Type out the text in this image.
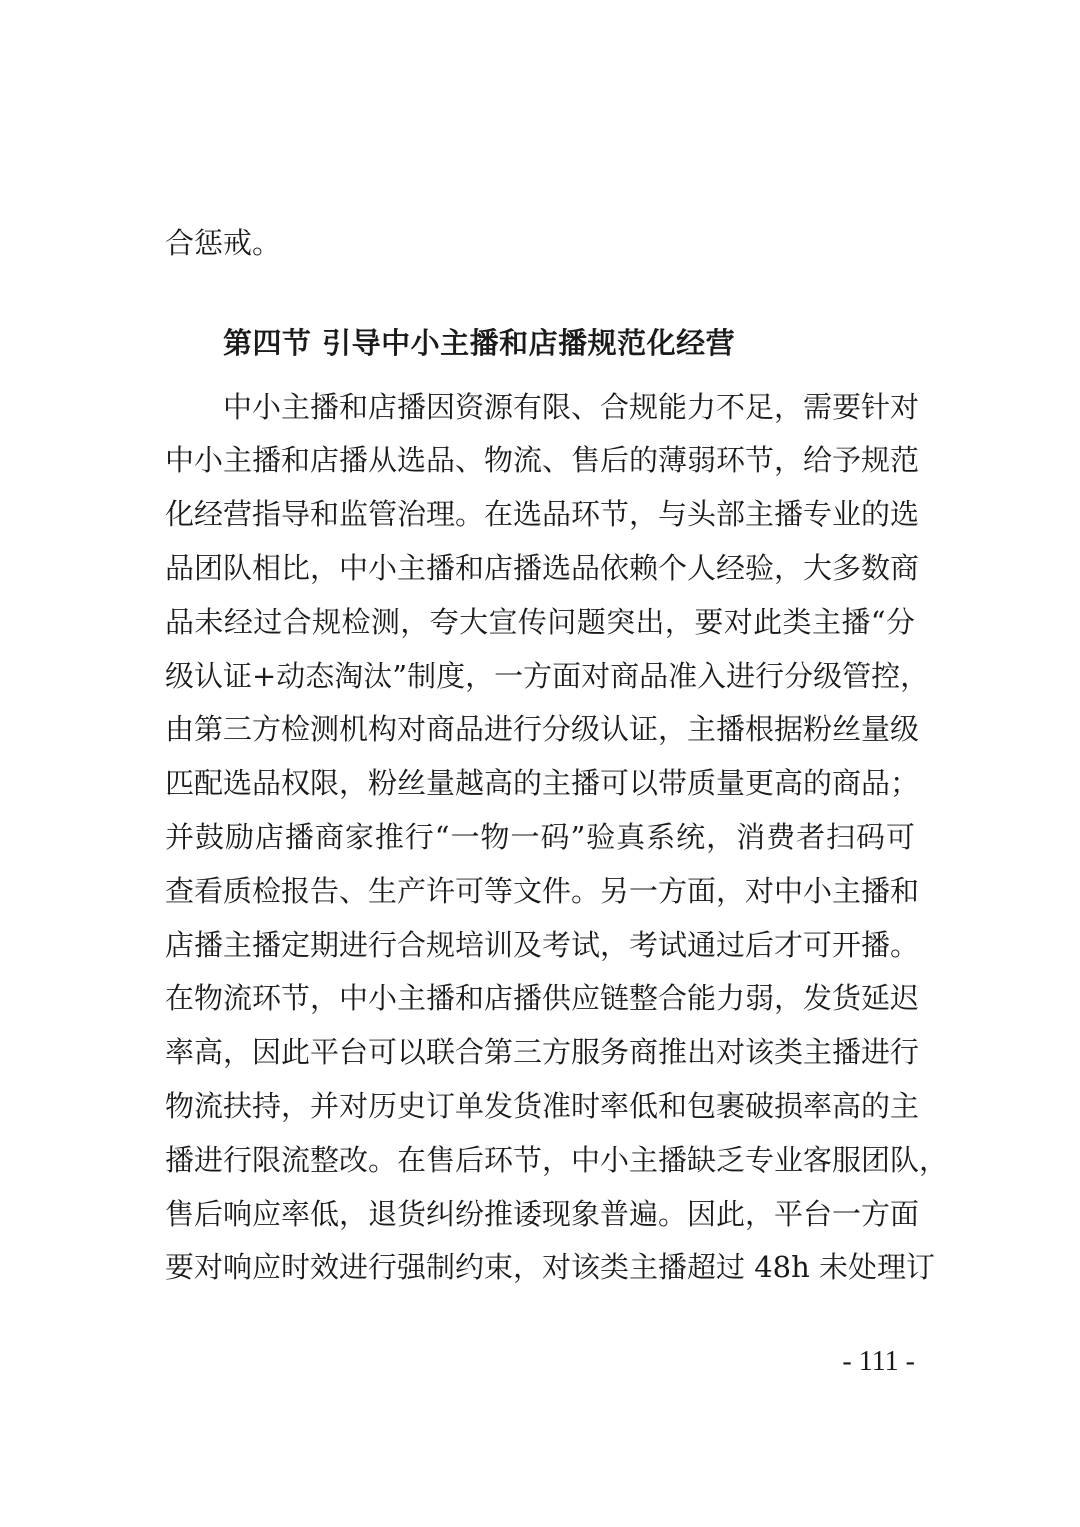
合惩戒。
第四节 引导中小主播和店播规范化经营
中小主播和店播因资源有限、合规能力不足，需要针对
中小主播和店播从选品、物流、售后的薄弱环节，给予规范
化经营指导和监管治理。在选品环节，与头部主播专业的选
品团队相比，中小主播和店播选品依赖个人经验，大多数商
品未经过合规检测，夸大宣传问题突出，要对此类主播“分
级认证+动态淘汰”制度，一方面对商品准入进行分级管控，
由第三方检测机构对商品进行分级认证，主播根据粉丝量级
匹配选品权限，粉丝量越高的主播可以带质量更高的商品；
并鼓励店播商家推行“一物一码”验真系统，消费者扫码可
查看质检报告、生产许可等文件。另一方面，对中小主播和
店播主播定期进行合规培训及考试，考试通过后才可开播。
在物流环节，中小主播和店播供应链整合能力弱，发货延迟
率高，因此平台可以联合第三方服务商推出对该类主播进行
物流扶持，并对历史订单发货准时率低和包裹破损率高的主
播进行限流整改。在售后环节，中小主播缺乏专业客服团队，
售后响应率低，退货纠纷推诿现象普遍。因此，平台一方面
要对响应时效进行强制约束，对该类主播超过 48h 未处理订
- 111 -
